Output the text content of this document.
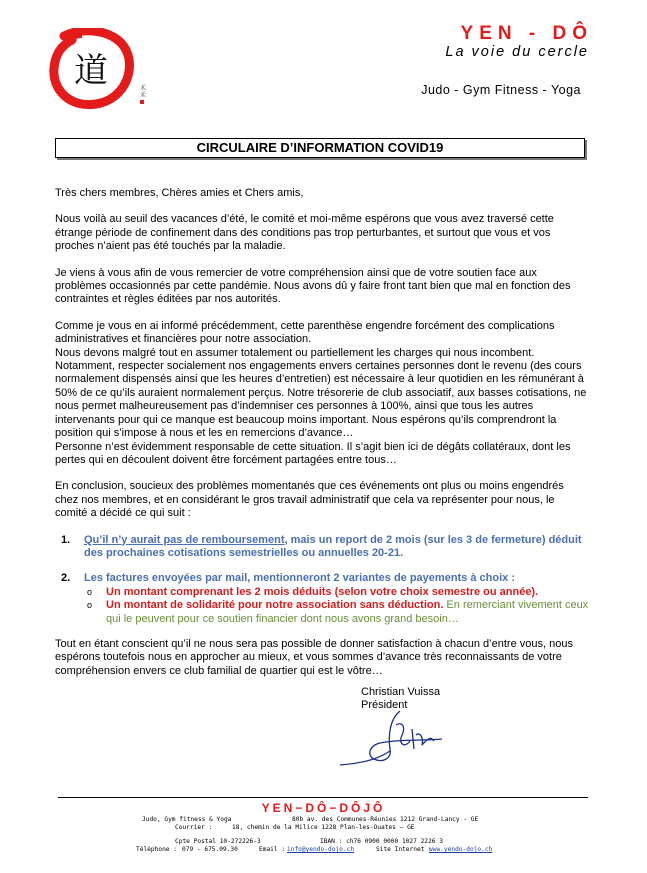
道	禾
禾
YEN - DÔ
La voie du cercle
Judo - Gym Fitness - Yoga
CIRCULAIRE D’INFORMATION COVID19

Très chers membres, Chères amies et Chers amis,

Nous voilà au seuil des vacances d’été, le comité et moi-même espérons que vous avez traversé cette étrange période de confinement dans des conditions pas trop perturbantes, et surtout que vous et vos proches n’aient pas été touchés par la maladie.

Je viens à vous afin de vous remercier de votre compréhension ainsi que de votre soutien face aux problèmes occasionnés par cette pandémie. Nous avons dû y faire front tant bien que mal en fonction des contraintes et règles éditées par nos autorités.

Comme je vous en ai informé précédemment, cette parenthèse engendre forcément des complications administratives et financières pour notre association.

Nous devons malgré tout en assumer totalement ou partiellement les charges qui nous incombent. Notamment, respecter socialement nos engagements envers certaines personnes dont le revenu (des cours normalement dispensés ainsi que les heures d’entretien) est nécessaire à leur quotidien en les rémunérant à 50% de ce qu’ils auraient normalement perçus. Notre trésorerie de club associatif, aux basses cotisations, ne nous permet malheureusement pas d’indemniser ces personnes à 100%, ainsi que tous les autres intervenants pour qui ce manque est beaucoup moins important. Nous espérons qu’ils comprendront la position qui s’impose à nous et les en remercions d’avance…

Personne n’est évidemment responsable de cette situation. Il s’agit bien ici de dégâts collatéraux, dont les pertes qui en découlent doivent être forcément partagées entre tous…

En conclusion, soucieux des problèmes momentanés que ces événements ont plus ou moins engendrés chez nos membres, et en considérant le gros travail administratif que cela va représenter pour nous, le comité a décidé ce qui suit :

1. Qu’il n’y aurait pas de remboursement, mais un report de 2 mois (sur les 3 de fermeture) déduit des prochaines cotisations semestrielles ou annuelles 20-21.
2. Les factures envoyées par mail, mentionneront 2 variantes de payements à choix :
o Un montant comprenant les 2 mois déduits (selon votre choix semestre ou année).
o Un montant de solidarité pour notre association sans déduction. En remerciant vivement ceux qui le peuvent pour ce soutien financier dont nous avons grand besoin…

Tout en étant conscient qu’il ne nous sera pas possible de donner satisfaction à chacun d’entre vous, nous espérons toutefois nous en approcher au mieux, et vous sommes d’avance très reconnaissants de votre compréhension envers ce club familial de quartier qui est le vôtre…

Christian Vuissa
Président
YEN−DÔ−DÔJÔ
Judo, Gym fitness & Yoga	80b av. des Communes-Réunies 1212 Grand-Lancy - GE
Courrier :	18, chemin de la Milice 1228 Plan-les-Ouates – GE
Cpte Postal 10-272226-3	IBAN : ch76 0900 0000 1027 2226 3
Téléphone : 079 - 675.09.30	Email : info@yendo-dojo.ch	Site Internet :
www.yendo-dojo.ch
